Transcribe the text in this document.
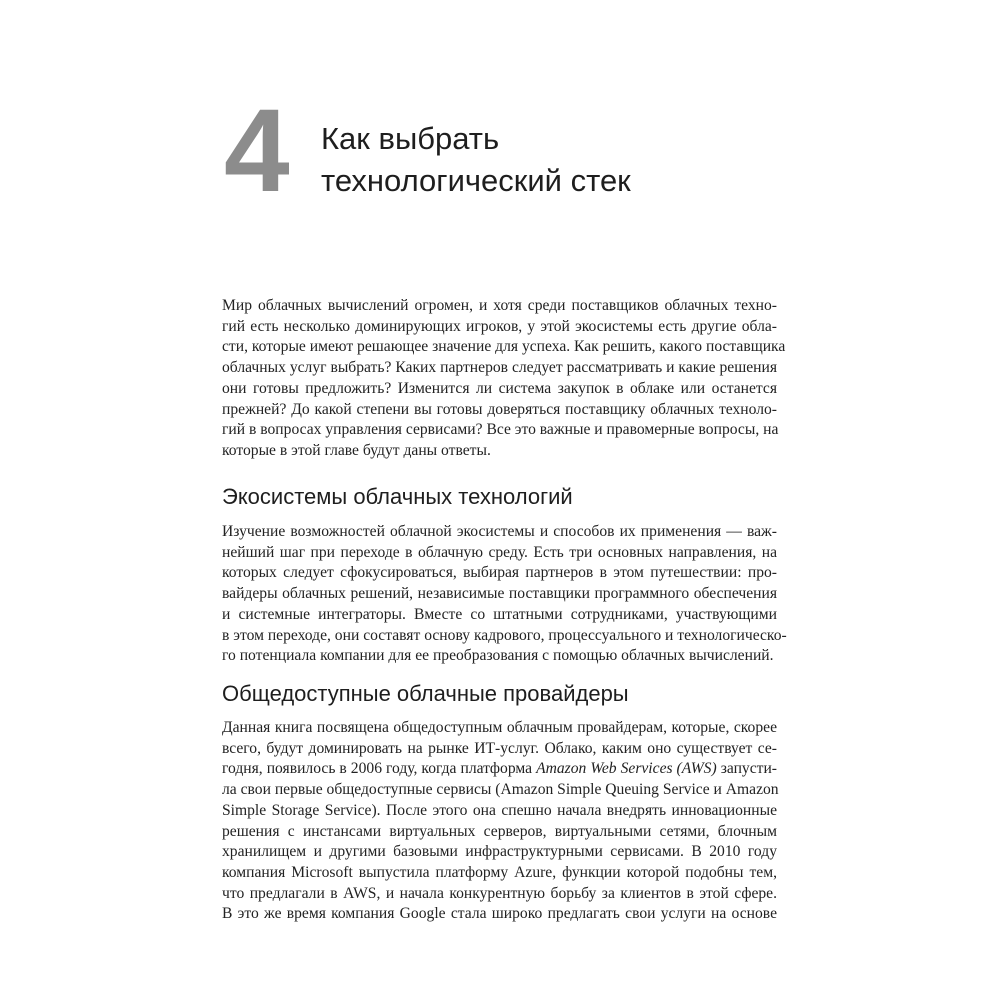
4 Как выбрать
технологический стек
Мир облачных вычислений огромен, и хотя среди поставщиков облачных техно-
гий есть несколько доминирующих игроков, у этой экосистемы есть другие обла-
сти, которые имеют решающее значение для успеха. Как решить, какого поставщика
облачных услуг выбрать? Каких партнеров следует рассматривать и какие решения
они готовы предложить? Изменится ли система закупок в облаке или останется
прежней? До какой степени вы готовы доверяться поставщику облачных техноло-
гий в вопросах управления сервисами? Все это важные и правомерные вопросы, на
которые в этой главе будут даны ответы.
Экосистемы облачных технологий
Изучение возможностей облачной экосистемы и способов их применения — важ-
нейший шаг при переходе в облачную среду. Есть три основных направления, на
которых следует сфокусироваться, выбирая партнеров в этом путешествии: про-
вайдеры облачных решений, независимые поставщики программного обеспечения
и системные интеграторы. Вместе со штатными сотрудниками, участвующими
в этом переходе, они составят основу кадрового, процессуального и технологическо-
го потенциала компании для ее преобразования с помощью облачных вычислений.
Общедоступные облачные провайдеры
Данная книга посвящена общедоступным облачным провайдерам, которые, скорее
всего, будут доминировать на рынке ИТ-услуг. Облако, каким оно существует се-
годня, появилось в 2006 году, когда платформа Amazon Web Services (AWS) запусти-
ла свои первые общедоступные сервисы (Amazon Simple Queuing Service и Amazon
Simple Storage Service). После этого она спешно начала внедрять инновационные
решения с инстансами виртуальных серверов, виртуальными сетями, блочным
хранилищем и другими базовыми инфраструктурными сервисами. В 2010 году
компания Microsoft выпустила платформу Azure, функции которой подобны тем,
что предлагали в AWS, и начала конкурентную борьбу за клиентов в этой сфере.
В это же время компания Google стала широко предлагать свои услуги на основе
